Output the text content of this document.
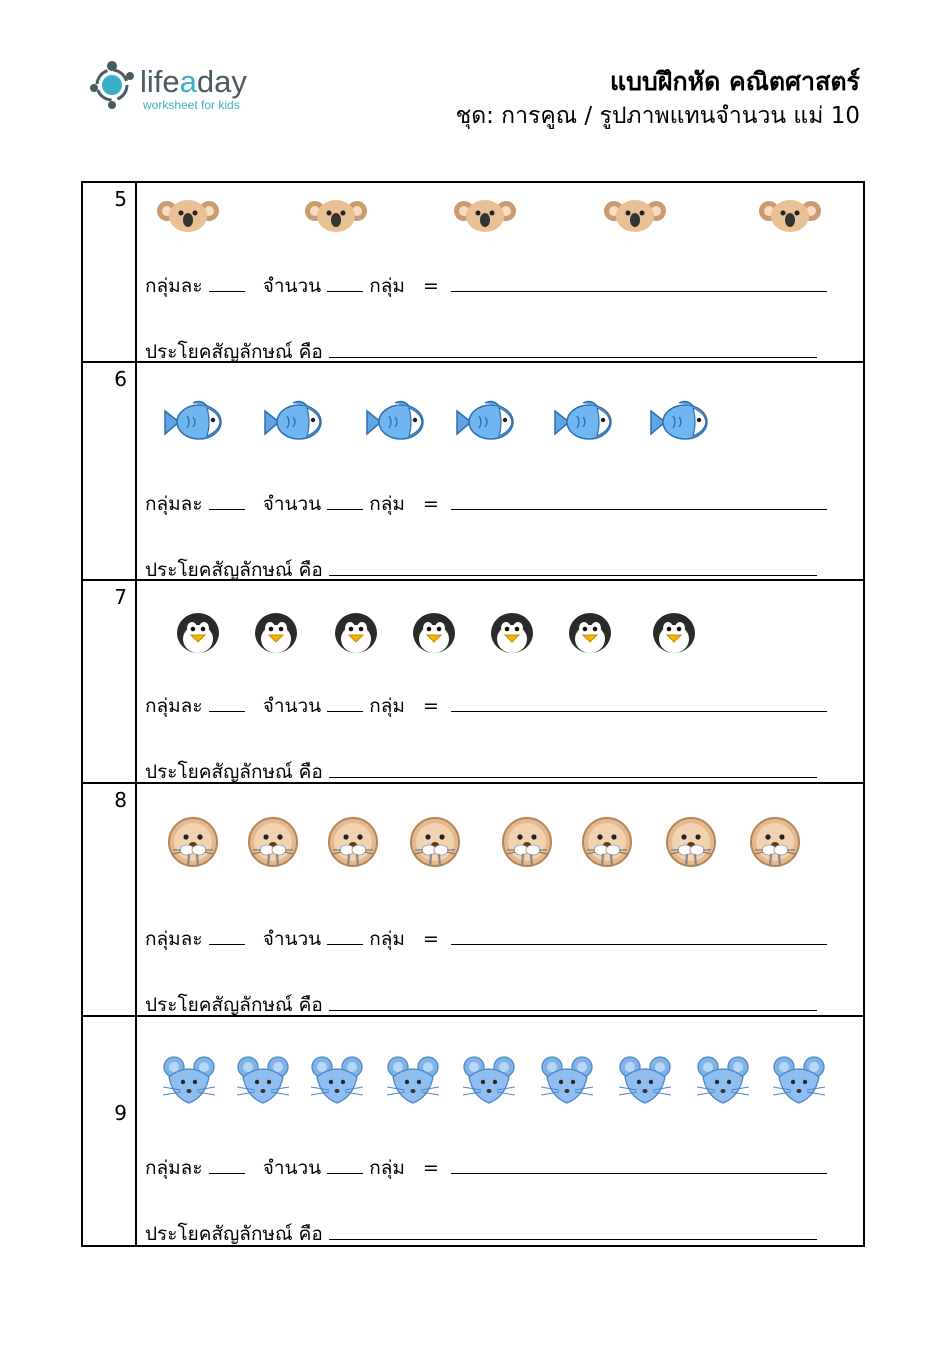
lifeaday
worksheet for kids
แบบฝึกหัด คณิตศาสตร์
ชุด: การคูณ / รูปภาพแทนจำนวน แม่ 10
5	กลุ่มละ จำนวน กลุ่ม =
ประโยคสัญลักษณ์ คือ

6	กลุ่มละ จำนวน กลุ่ม =
ประโยคสัญลักษณ์ คือ

7	กลุ่มละ จำนวน กลุ่ม =
ประโยคสัญลักษณ์ คือ

8	กลุ่มละ จำนวน กลุ่ม =
ประโยคสัญลักษณ์ คือ

9	กลุ่มละ จำนวน กลุ่ม =
ประโยคสัญลักษณ์ คือ
